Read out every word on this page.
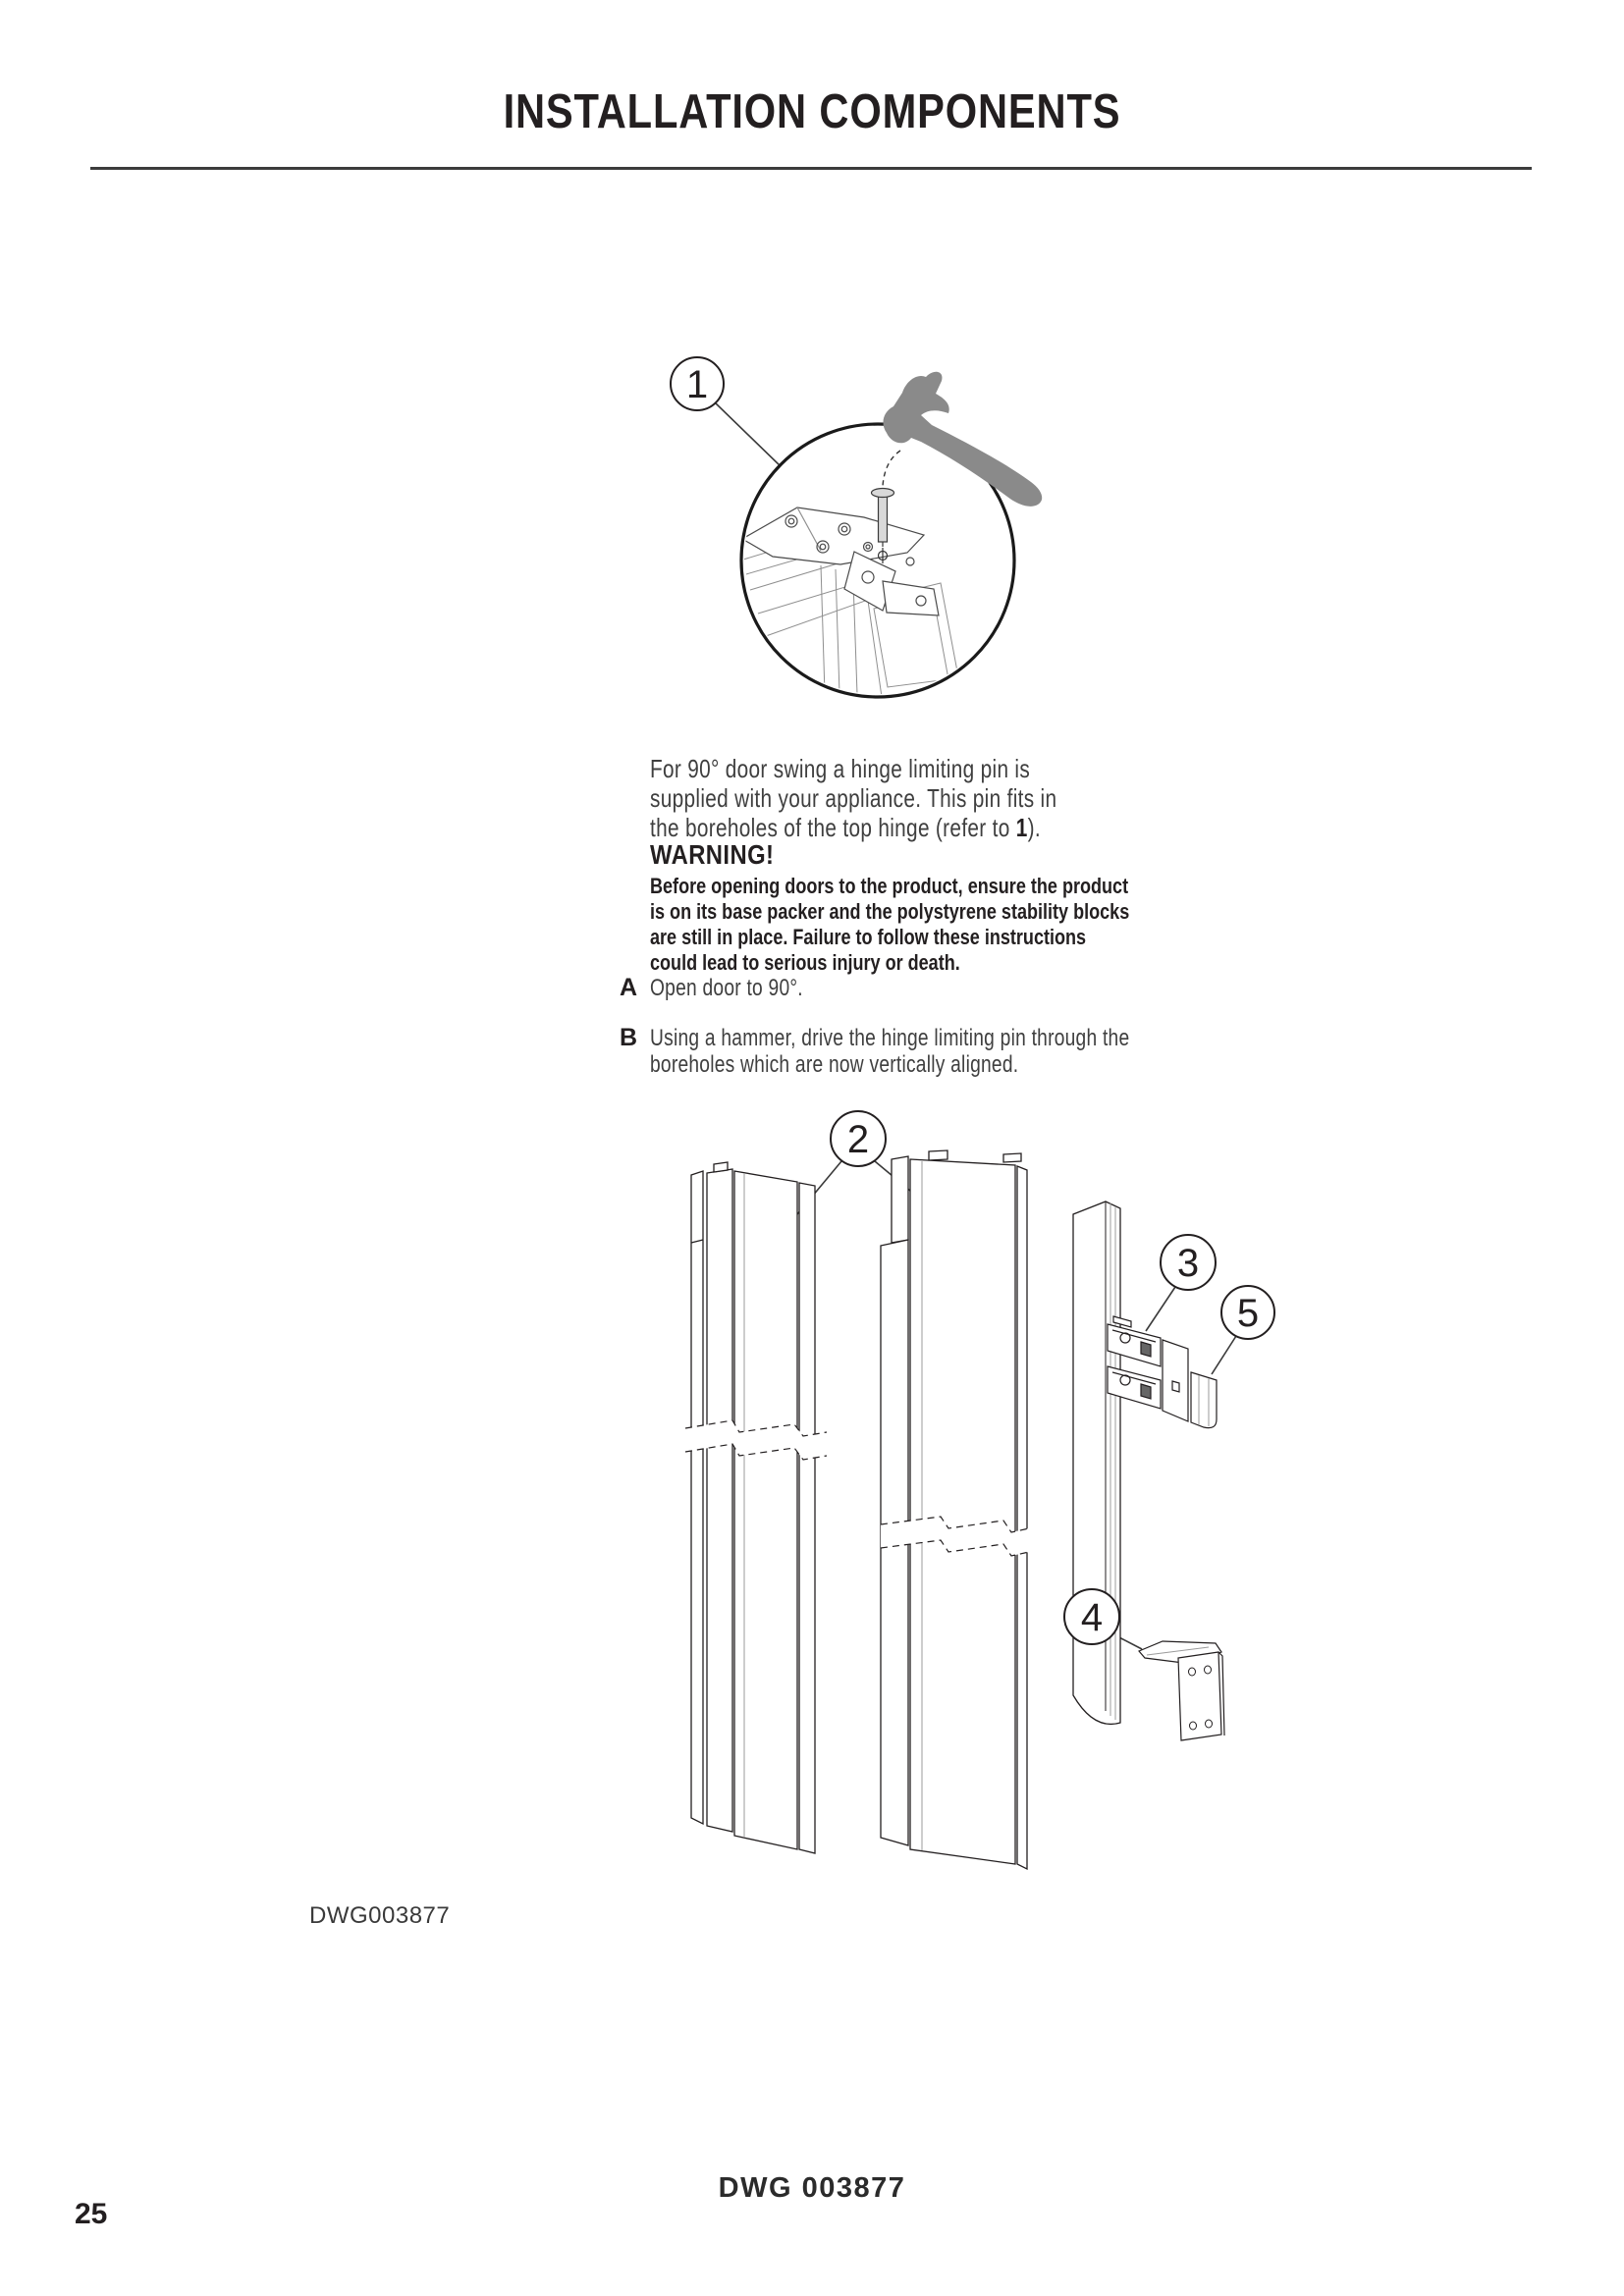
INSTALLATION COMPONENTS
1
For 90° door swing a hinge limiting pin is
supplied with your appliance. This pin fits in
the boreholes of the top hinge (refer to 1).
WARNING!
Before opening doors to the product, ensure the product
is on its base packer and the polystyrene stability blocks
are still in place. Failure to follow these instructions
could lead to serious injury or death.
A Open door to 90°.
B Using a hammer, drive the hinge limiting pin through the
boreholes which are now vertically aligned.
2
3
5
4
DWG003877
DWG 003877
25
